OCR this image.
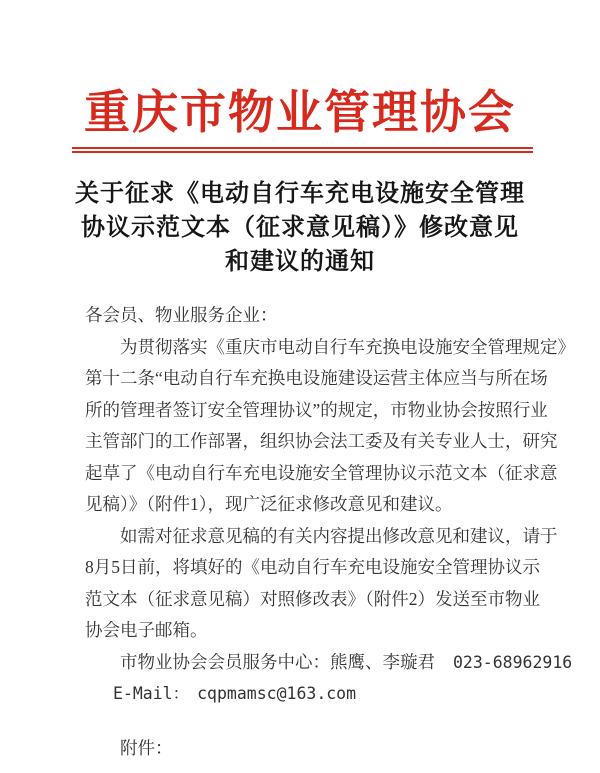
重庆市物业管理协会
关于征求《电动自行车充电设施安全管理
协议示范文本（征求意见稿）》修改意见
和建议的通知
各会员、物业服务企业：
为贯彻落实《重庆市电动自行车充换电设施安全管理规定》
第十二条“电动自行车充换电设施建设运营主体应当与所在场
所的管理者签订安全管理协议”的规定，市物业协会按照行业
主管部门的工作部署，组织协会法工委及有关专业人士，研究
起草了《电动自行车充电设施安全管理协议示范文本（征求意
见稿）》（附件1），现广泛征求修改意见和建议。
如需对征求意见稿的有关内容提出修改意见和建议，请于
8月5日前，将填好的《电动自行车充电设施安全管理协议示
范文本（征求意见稿）对照修改表》（附件2）发送至市物业
协会电子邮箱。
市物业协会会员服务中心：熊鹰、李璇君 023-68962916
E-Mail： cqpmamsc@163.com
附件：
